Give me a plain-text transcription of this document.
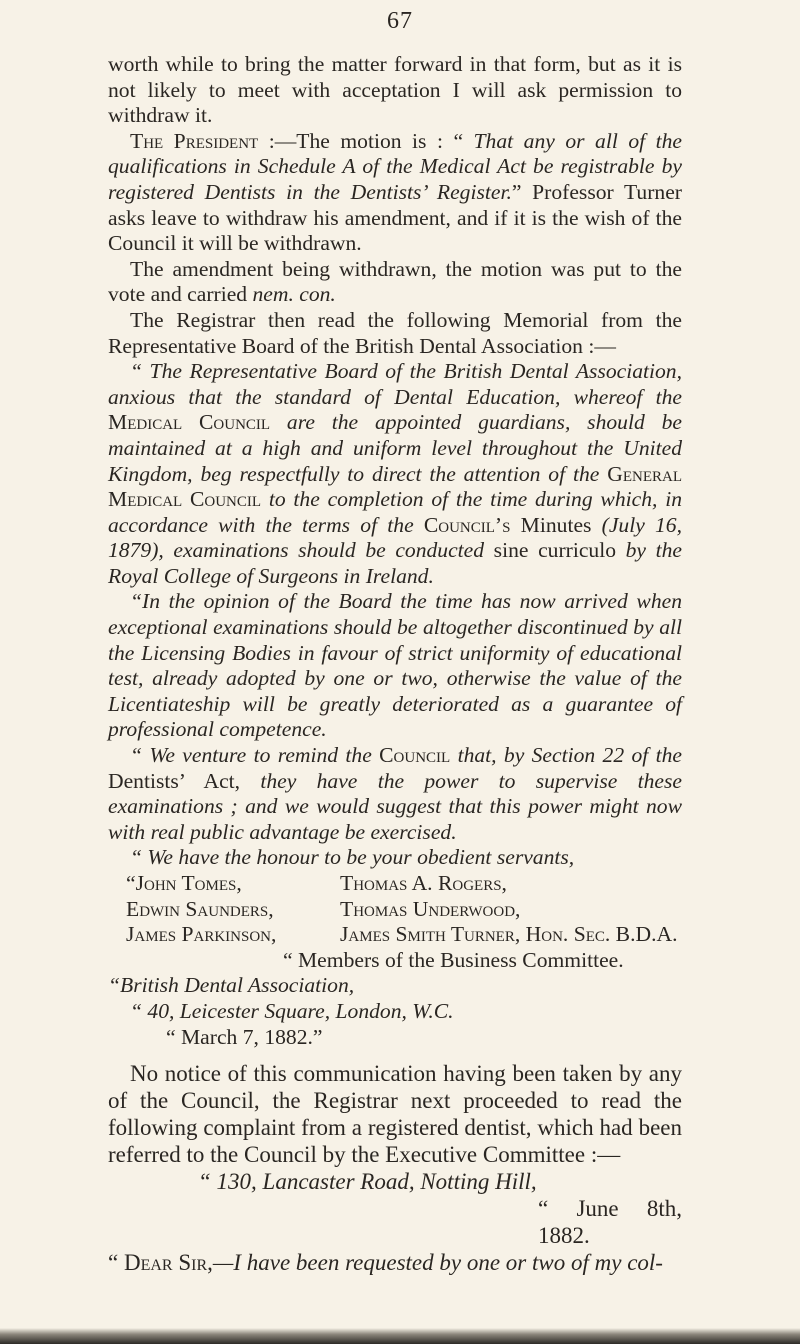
67

worth while to bring the matter forward in that form, but as it is not likely to meet with acceptation I will ask permission to withdraw it.

The President :—The motion is : “ That any or all of the qualifications in Schedule A of the Medical Act be registrable by registered Dentists in the Dentists’ Register.” Professor Turner asks leave to withdraw his amendment, and if it is the wish of the Council it will be withdrawn.

The amendment being withdrawn, the motion was put to the vote and carried nem. con.

The Registrar then read the following Memorial from the Representative Board of the British Dental Association :—

“ The Representative Board of the British Dental Association, anxious that the standard of Dental Education, whereof the Medical Council are the appointed guardians, should be maintained at a high and uniform level throughout the United Kingdom, beg respectfully to direct the attention of the General Medical Council to the completion of the time during which, in accordance with the terms of the Council’s Minutes (July 16, 1879), examinations should be conducted sine curriculo by the Royal College of Surgeons in Ireland.

“In the opinion of the Board the time has now arrived when exceptional examinations should be altogether discontinued by all the Licensing Bodies in favour of strict uniformity of educational test, already adopted by one or two, otherwise the value of the Licentiateship will be greatly deteriorated as a guarantee of professional competence.

“ We venture to remind the Council that, by Section 22 of the Dentists’ Act, they have the power to supervise these examinations ; and we would suggest that this power might now with real public advantage be exercised.

“ We have the honour to be your obedient servants,

“John Tomes,	Thomas A. Rogers,
Edwin Saunders,	Thomas Underwood,
James Parkinson,	James Smith Turner, Hon. Sec. B.D.A.
“ Members of the Business Committee.
“British Dental Association,
“ 40, Leicester Square, London, W.C.
“ March 7, 1882.”

No notice of this communication having been taken by any of the Council, the Registrar next proceeded to read the following complaint from a registered dentist, which had been referred to the Council by the Executive Committee :—

“ 130, Lancaster Road, Notting Hill,
“ June 8th, 1882.
“ Dear Sir,—I have been requested by one or two of my col-
